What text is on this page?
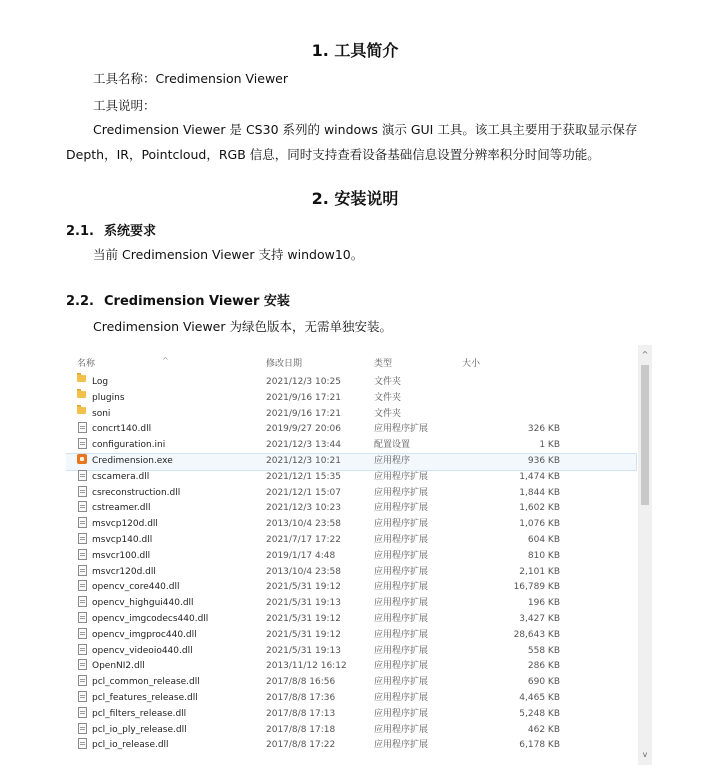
1. 工具简介
工具名称：Credimension Viewer
工具说明：
Credimension Viewer 是 CS30 系列的 windows 演示 GUI 工具。该工具主要用于获取显示保存
Depth，IR，Pointcloud，RGB 信息，同时支持查看设备基础信息设置分辨率积分时间等功能。
2. 安装说明
2.1. 系统要求
当前 Credimension Viewer 支持 window10。
2.2. Credimension Viewer 安装
Credimension Viewer 为绿色版本，无需单独安装。
名称	^	修改日期	类型	大小
Log	2021/12/3 10:25	文件夹
plugins	2021/9/16 17:21	文件夹
soni	2021/9/16 17:21	文件夹
concrt140.dll	2019/9/27 20:06	应用程序扩展	326 KB
configuration.ini	2021/12/3 13:44	配置设置	1 KB
Credimension.exe	2021/12/3 10:21	应用程序	936 KB
cscamera.dll	2021/12/1 15:35	应用程序扩展	1,474 KB
csreconstruction.dll	2021/12/1 15:07	应用程序扩展	1,844 KB
cstreamer.dll	2021/12/3 10:23	应用程序扩展	1,602 KB
msvcp120d.dll	2013/10/4 23:58	应用程序扩展	1,076 KB
msvcp140.dll	2021/7/17 17:22	应用程序扩展	604 KB
msvcr100.dll	2019/1/17 4:48	应用程序扩展	810 KB
msvcr120d.dll	2013/10/4 23:58	应用程序扩展	2,101 KB
opencv_core440.dll	2021/5/31 19:12	应用程序扩展	16,789 KB
opencv_highgui440.dll	2021/5/31 19:13	应用程序扩展	196 KB
opencv_imgcodecs440.dll	2021/5/31 19:12	应用程序扩展	3,427 KB
opencv_imgproc440.dll	2021/5/31 19:12	应用程序扩展	28,643 KB
opencv_videoio440.dll	2021/5/31 19:13	应用程序扩展	558 KB
OpenNI2.dll	2013/11/12 16:12	应用程序扩展	286 KB
pcl_common_release.dll	2017/8/8 16:56	应用程序扩展	690 KB
pcl_features_release.dll	2017/8/8 17:36	应用程序扩展	4,465 KB
pcl_filters_release.dll	2017/8/8 17:13	应用程序扩展	5,248 KB
pcl_io_ply_release.dll	2017/8/8 17:18	应用程序扩展	462 KB
pcl_io_release.dll	2017/8/8 17:22	应用程序扩展	6,178 KB
^
v
